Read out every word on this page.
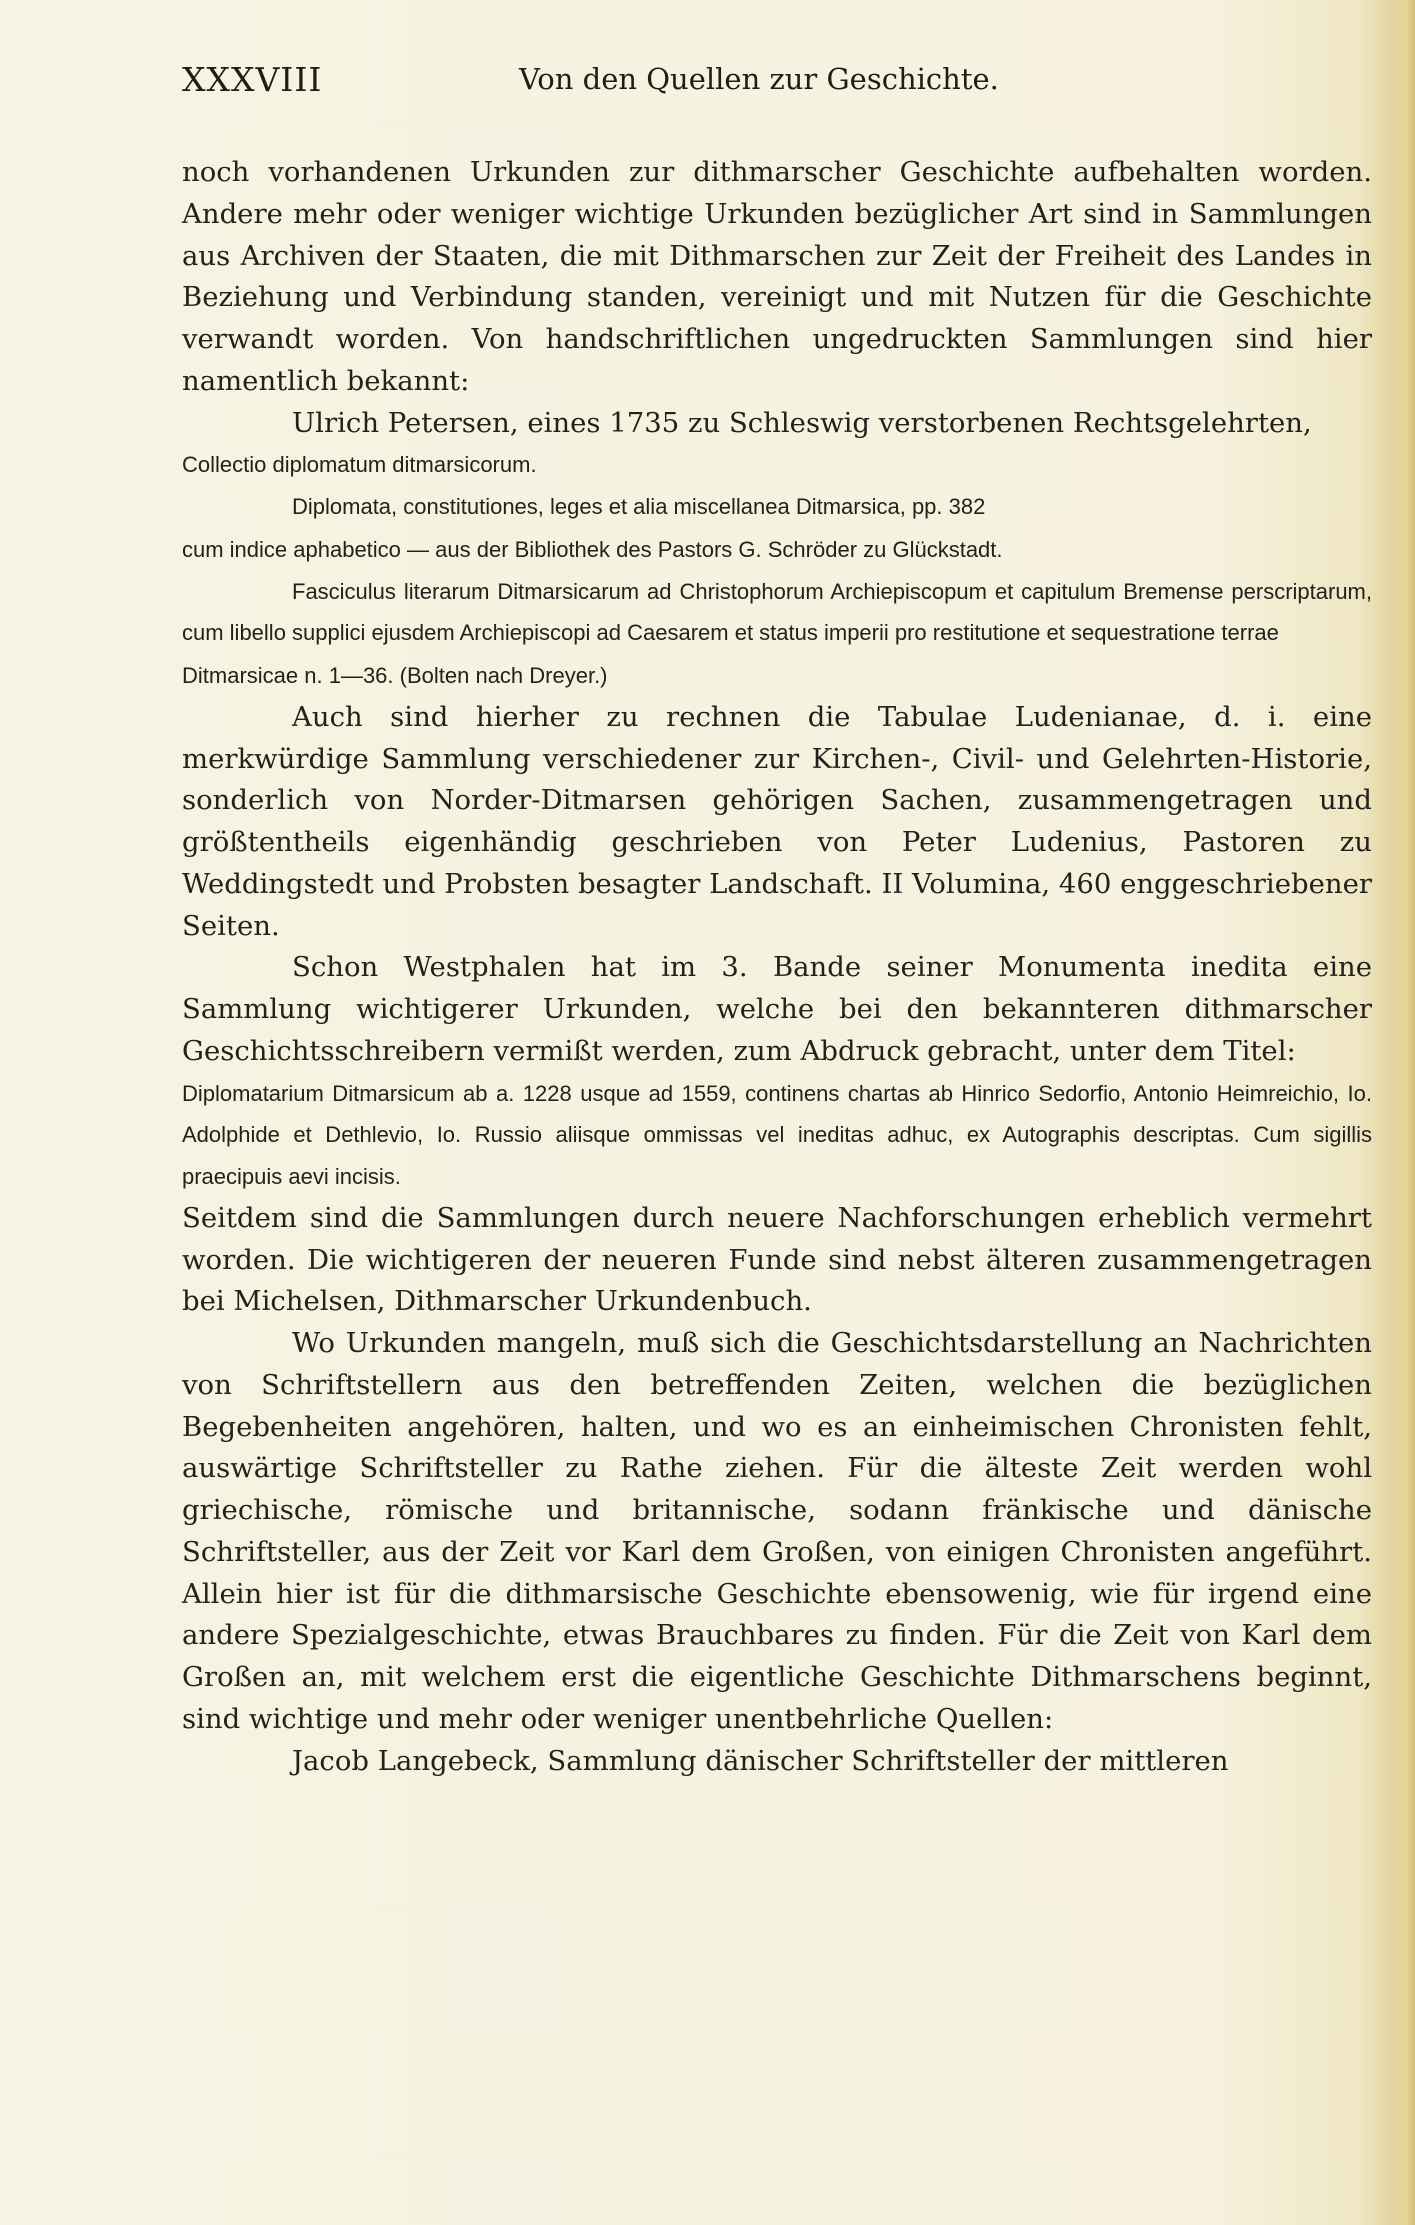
XXXVIII	Von den Quellen zur Geschichte.

noch vorhandenen Urkunden zur dithmarscher Geschichte aufbehalten worden. Andere mehr oder weniger wichtige Urkunden bezüglicher Art sind in Sammlungen aus Archiven der Staaten, die mit Dithmarschen zur Zeit der Freiheit des Landes in Beziehung und Verbindung standen, vereinigt und mit Nutzen für die Geschichte verwandt worden. Von handschriftlichen ungedruckten Sammlungen sind hier namentlich bekannt:

Ulrich Petersen, eines 1735 zu Schleswig verstorbenen Rechtsgelehrten,

Collectio diplomatum ditmarsicorum.

Diplomata, constitutiones, leges et alia miscellanea Ditmarsica, pp. 382

cum indice aphabetico — aus der Bibliothek des Pastors G. Schröder zu Glückstadt.

Fasciculus literarum Ditmarsicarum ad Christophorum Archiepiscopum et capitulum Bremense perscriptarum, cum libello supplici ejusdem Archiepiscopi ad Caesarem et status imperii pro restitutione et sequestratione terrae

Ditmarsicae n. 1—36. (Bolten nach Dreyer.)

Auch sind hierher zu rechnen die Tabulae Ludenianae, d. i. eine merkwürdige Sammlung verschiedener zur Kirchen-, Civil- und Gelehrten-Historie, sonderlich von Norder-Ditmarsen gehörigen Sachen, zusammengetragen und größtentheils eigenhändig geschrieben von Peter Ludenius, Pastoren zu Weddingstedt und Probsten besagter Landschaft. II Volumina, 460 enggeschriebener Seiten.

Schon Westphalen hat im 3. Bande seiner Monumenta inedita eine Sammlung wichtigerer Urkunden, welche bei den bekannteren dithmarscher Geschichtsschreibern vermißt werden, zum Abdruck gebracht, unter dem Titel:

Diplomatarium Ditmarsicum ab a. 1228 usque ad 1559, continens chartas ab Hinrico Sedorfio, Antonio Heimreichio, Io. Adolphide et Dethlevio, Io. Russio aliisque ommissas vel ineditas adhuc, ex Autographis descriptas. Cum sigillis praecipuis aevi incisis.

Seitdem sind die Sammlungen durch neuere Nachforschungen erheblich vermehrt worden. Die wichtigeren der neueren Funde sind nebst älteren zusammengetragen bei Michelsen, Dithmarscher Urkundenbuch.

Wo Urkunden mangeln, muß sich die Geschichtsdarstellung an Nachrichten von Schriftstellern aus den betreffenden Zeiten, welchen die bezüglichen Begebenheiten angehören, halten, und wo es an einheimischen Chronisten fehlt, auswärtige Schriftsteller zu Rathe ziehen. Für die älteste Zeit werden wohl griechische, römische und britannische, sodann fränkische und dänische Schriftsteller, aus der Zeit vor Karl dem Großen, von einigen Chronisten angeführt. Allein hier ist für die dithmarsische Geschichte ebensowenig, wie für irgend eine andere Spezialgeschichte, etwas Brauchbares zu finden. Für die Zeit von Karl dem Großen an, mit welchem erst die eigentliche Geschichte Dithmarschens beginnt, sind wichtige und mehr oder weniger unentbehrliche Quellen:

Jacob Langebeck, Sammlung dänischer Schriftsteller der mittleren
